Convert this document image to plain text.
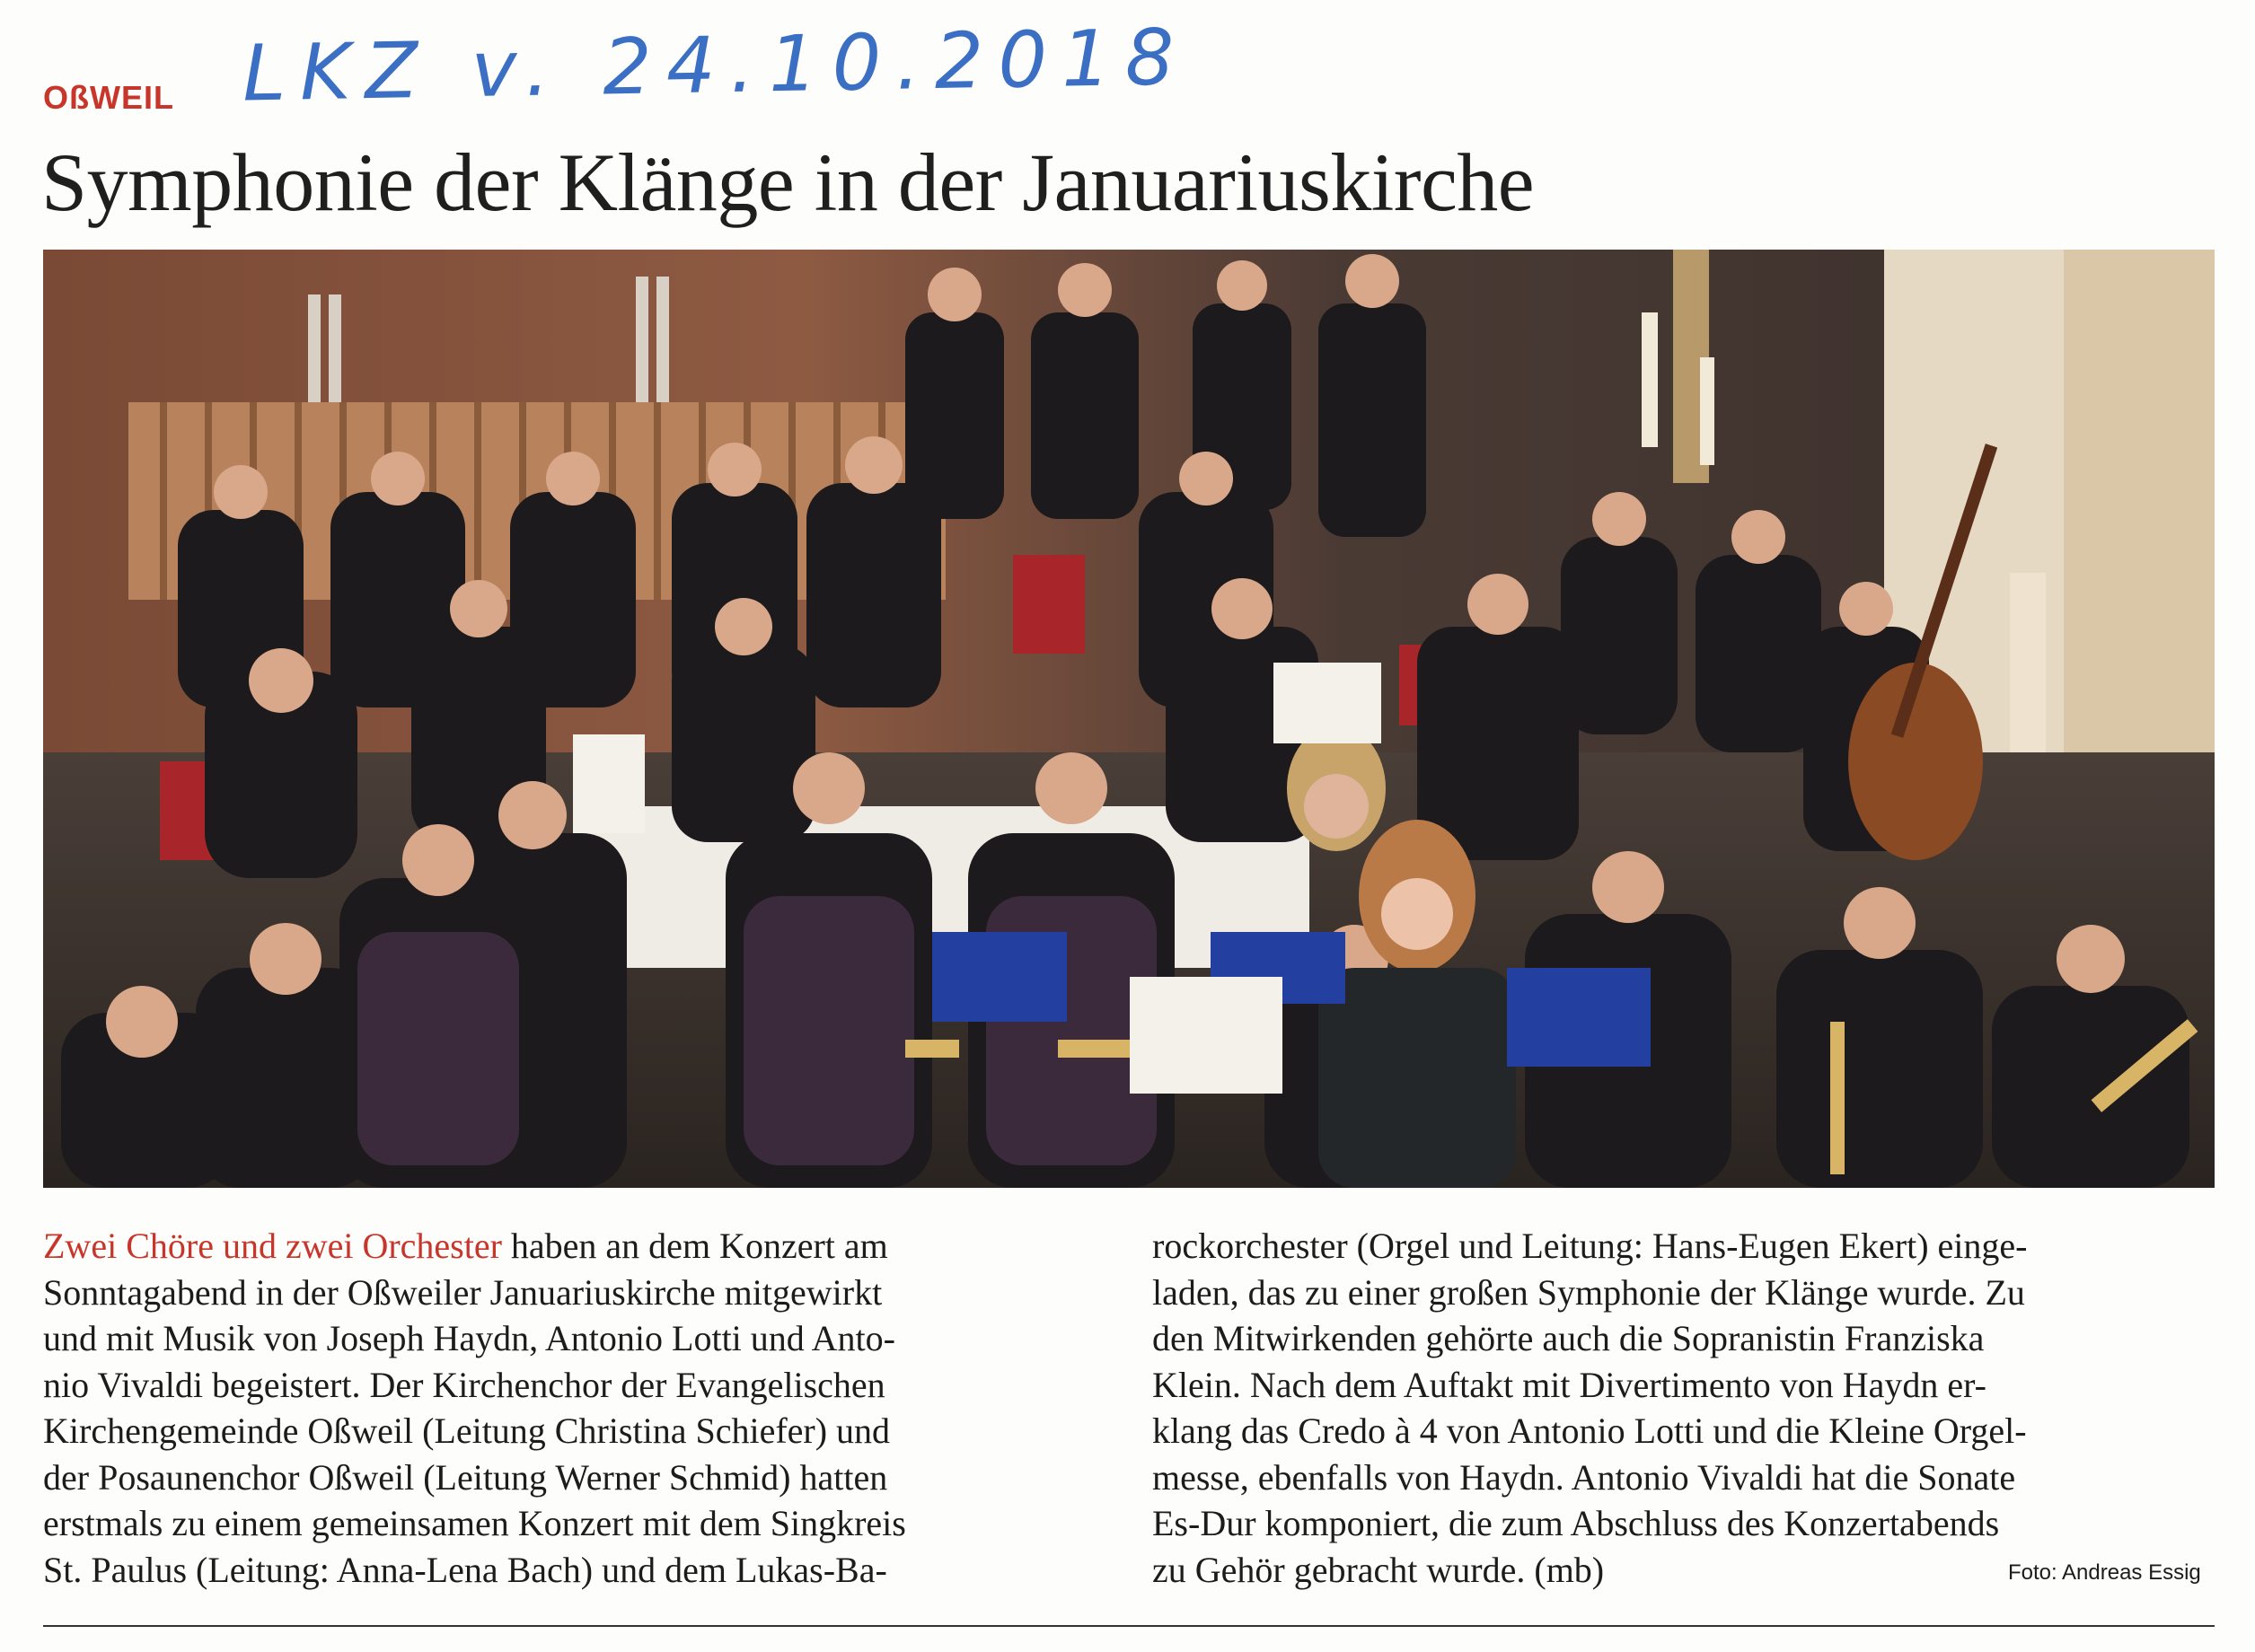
LKZ v. 24.10.2018
OßWEIL
Symphonie der Klänge in der Januariuskirche
Zwei Chöre und zwei Orchester haben an dem Konzert am
Sonntagabend in der Oßweiler Januariuskirche mitgewirkt
und mit Musik von Joseph Haydn, Antonio Lotti und Anto-
nio Vivaldi begeistert. Der Kirchenchor der Evangelischen
Kirchengemeinde Oßweil (Leitung Christina Schiefer) und
der Posaunenchor Oßweil (Leitung Werner Schmid) hatten
erstmals zu einem gemeinsamen Konzert mit dem Singkreis
St. Paulus (Leitung: Anna-Lena Bach) und dem Lukas-Ba-
rockorchester (Orgel und Leitung: Hans-Eugen Ekert) einge-
laden, das zu einer großen Symphonie der Klänge wurde. Zu
den Mitwirkenden gehörte auch die Sopranistin Franziska
Klein. Nach dem Auftakt mit Divertimento von Haydn er-
klang das Credo à 4 von Antonio Lotti und die Kleine Orgel-
messe, ebenfalls von Haydn. Antonio Vivaldi hat die Sonate
Es-Dur komponiert, die zum Abschluss des Konzertabends
zu Gehör gebracht wurde. (mb)	Foto: Andreas Essig
